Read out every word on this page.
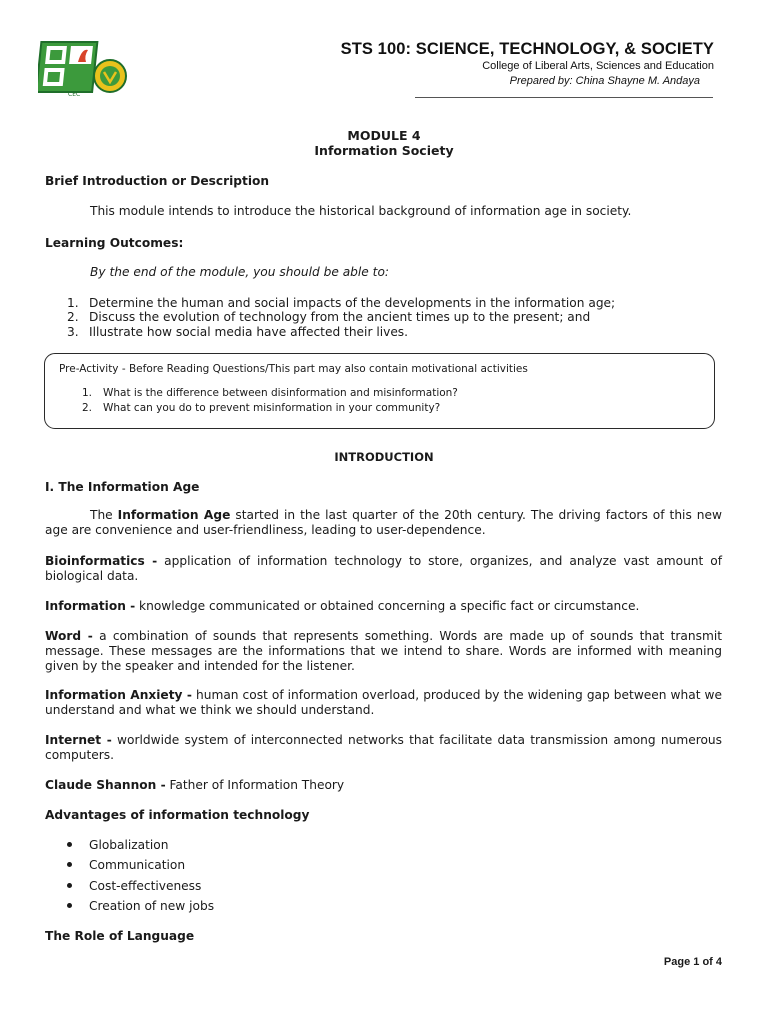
CEC
STS 100: SCIENCE, TECHNOLOGY, & SOCIETY
College of Liberal Arts, Sciences and Education
Prepared by: China Shayne M. Andaya
MODULE 4
Information Society
Brief Introduction or Description
This module intends to introduce the historical background of information age in society.
Learning Outcomes:
By the end of the module, you should be able to:
1. Determine the human and social impacts of the developments in the information age;
2. Discuss the evolution of technology from the ancient times up to the present; and
3. Illustrate how social media have affected their lives.
Pre-Activity - Before Reading Questions/This part may also contain motivational activities
1. What is the difference between disinformation and misinformation?
2. What can you do to prevent misinformation in your community?
INTRODUCTION
I. The Information Age
The Information Age started in the last quarter of the 20th century. The driving factors of this new age are convenience and user-friendliness, leading to user-dependence.
Bioinformatics - application of information technology to store, organizes, and analyze vast amount of biological data.
Information - knowledge communicated or obtained concerning a specific fact or circumstance.
Word - a combination of sounds that represents something. Words are made up of sounds that transmit message. These messages are the informations that we intend to share. Words are informed with meaning given by the speaker and intended for the listener.
Information Anxiety - human cost of information overload, produced by the widening gap between what we understand and what we think we should understand.
Internet - worldwide system of interconnected networks that facilitate data transmission among numerous computers.
Claude Shannon - Father of Information Theory
Advantages of information technology
Globalization
Communication
Cost-effectiveness
Creation of new jobs
The Role of Language
Page 1 of 4
